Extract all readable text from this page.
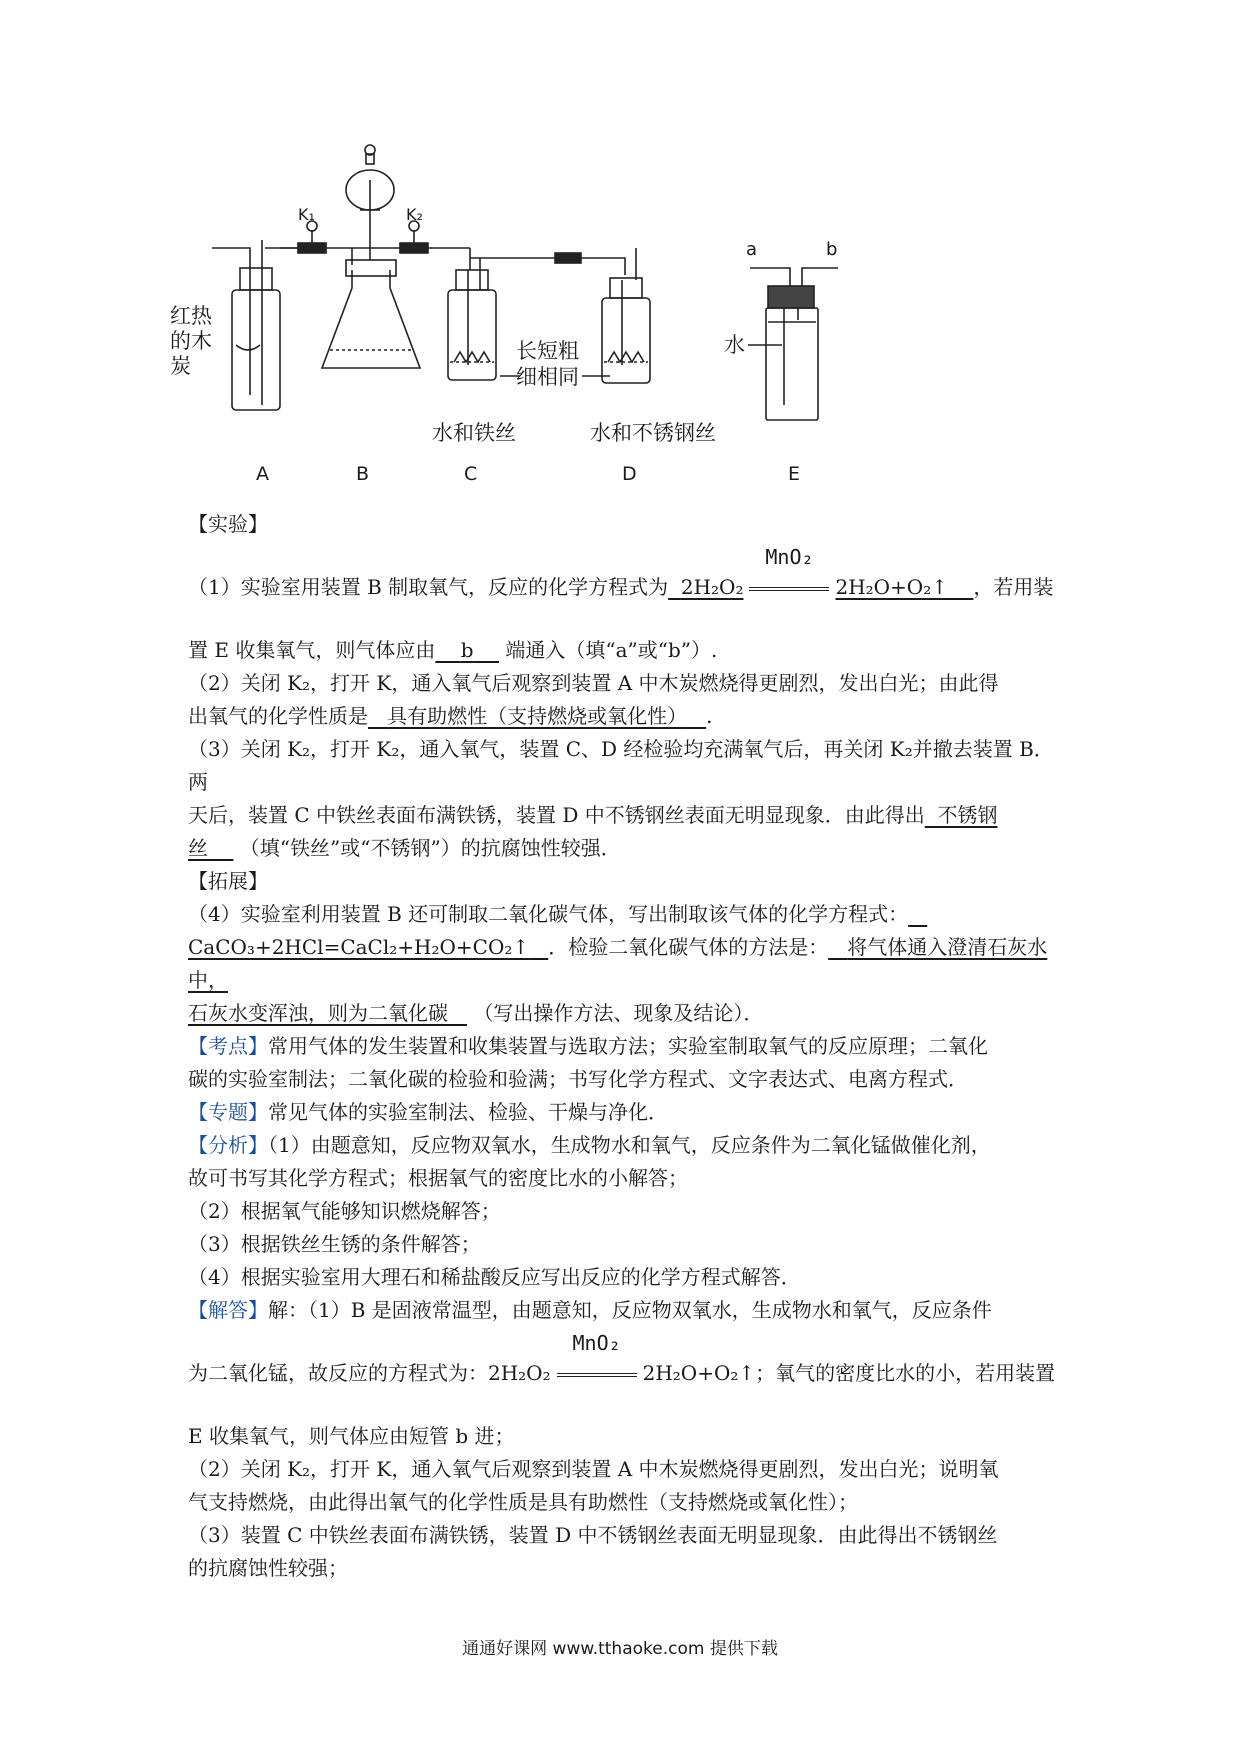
K₁	K₂
红热
的木
炭
长短粗
细相同
水和铁丝	水和不锈钢丝
水
a	b
A	B	C	D	E

【实验】

（1）实验室用装置 B 制取氧气，反应的化学方程式为 2H₂O₂
MnO₂
2H₂O+O₂↑ ，若用装

置 E 收集氧气，则气体应由 b 端通入（填“a”或“b”）.

（2）关闭 K₂，打开 K，通入氧气后观察到装置 A 中木炭燃烧得更剧烈，发出白光；由此得

出氧气的化学性质是 具有助燃性（支持燃烧或氧化性） .

（3）关闭 K₂，打开 K₂，通入氧气，装置 C、D 经检验均充满氧气后，再关闭 K₂并撤去装置 B．两

天后，装置 C 中铁丝表面布满铁锈，装置 D 中不锈钢丝表面无明显现象．由此得出 不锈钢

丝 （填“铁丝”或“不锈钢”）的抗腐蚀性较强．

【拓展】

（4）实验室利用装置 B 还可制取二氧化碳气体，写出制取该气体的化学方程式：

CaCO₃+2HCl=CaCl₂+H₂O+CO₂↑ ．检验二氧化碳气体的方法是： 将气体通入澄清石灰水中，

石灰水变浑浊，则为二氧化碳 （写出操作方法、现象及结论）．

【考点】常用气体的发生装置和收集装置与选取方法；实验室制取氧气的反应原理；二氧化

碳的实验室制法；二氧化碳的检验和验满；书写化学方程式、文字表达式、电离方程式．

【专题】常见气体的实验室制法、检验、干燥与净化．

【分析】（1）由题意知，反应物双氧水，生成物水和氧气，反应条件为二氧化锰做催化剂，

故可书写其化学方程式；根据氧气的密度比水的小解答；

（2）根据氧气能够知识燃烧解答；

（3）根据铁丝生锈的条件解答；

（4）根据实验室用大理石和稀盐酸反应写出反应的化学方程式解答．

【解答】解：（1）B 是固液常温型，由题意知，反应物双氧水，生成物水和氧气，反应条件

为二氧化锰，故反应的方程式为：2H₂O₂
MnO₂
2H₂O+O₂↑；氧气的密度比水的小，若用装置

E 收集氧气，则气体应由短管 b 进；

（2）关闭 K₂，打开 K，通入氧气后观察到装置 A 中木炭燃烧得更剧烈，发出白光；说明氧

气支持燃烧，由此得出氧气的化学性质是具有助燃性（支持燃烧或氧化性）；

（3）装置 C 中铁丝表面布满铁锈，装置 D 中不锈钢丝表面无明显现象．由此得出不锈钢丝

的抗腐蚀性较强；

通通好课网 www.tthaoke.com 提供下载
